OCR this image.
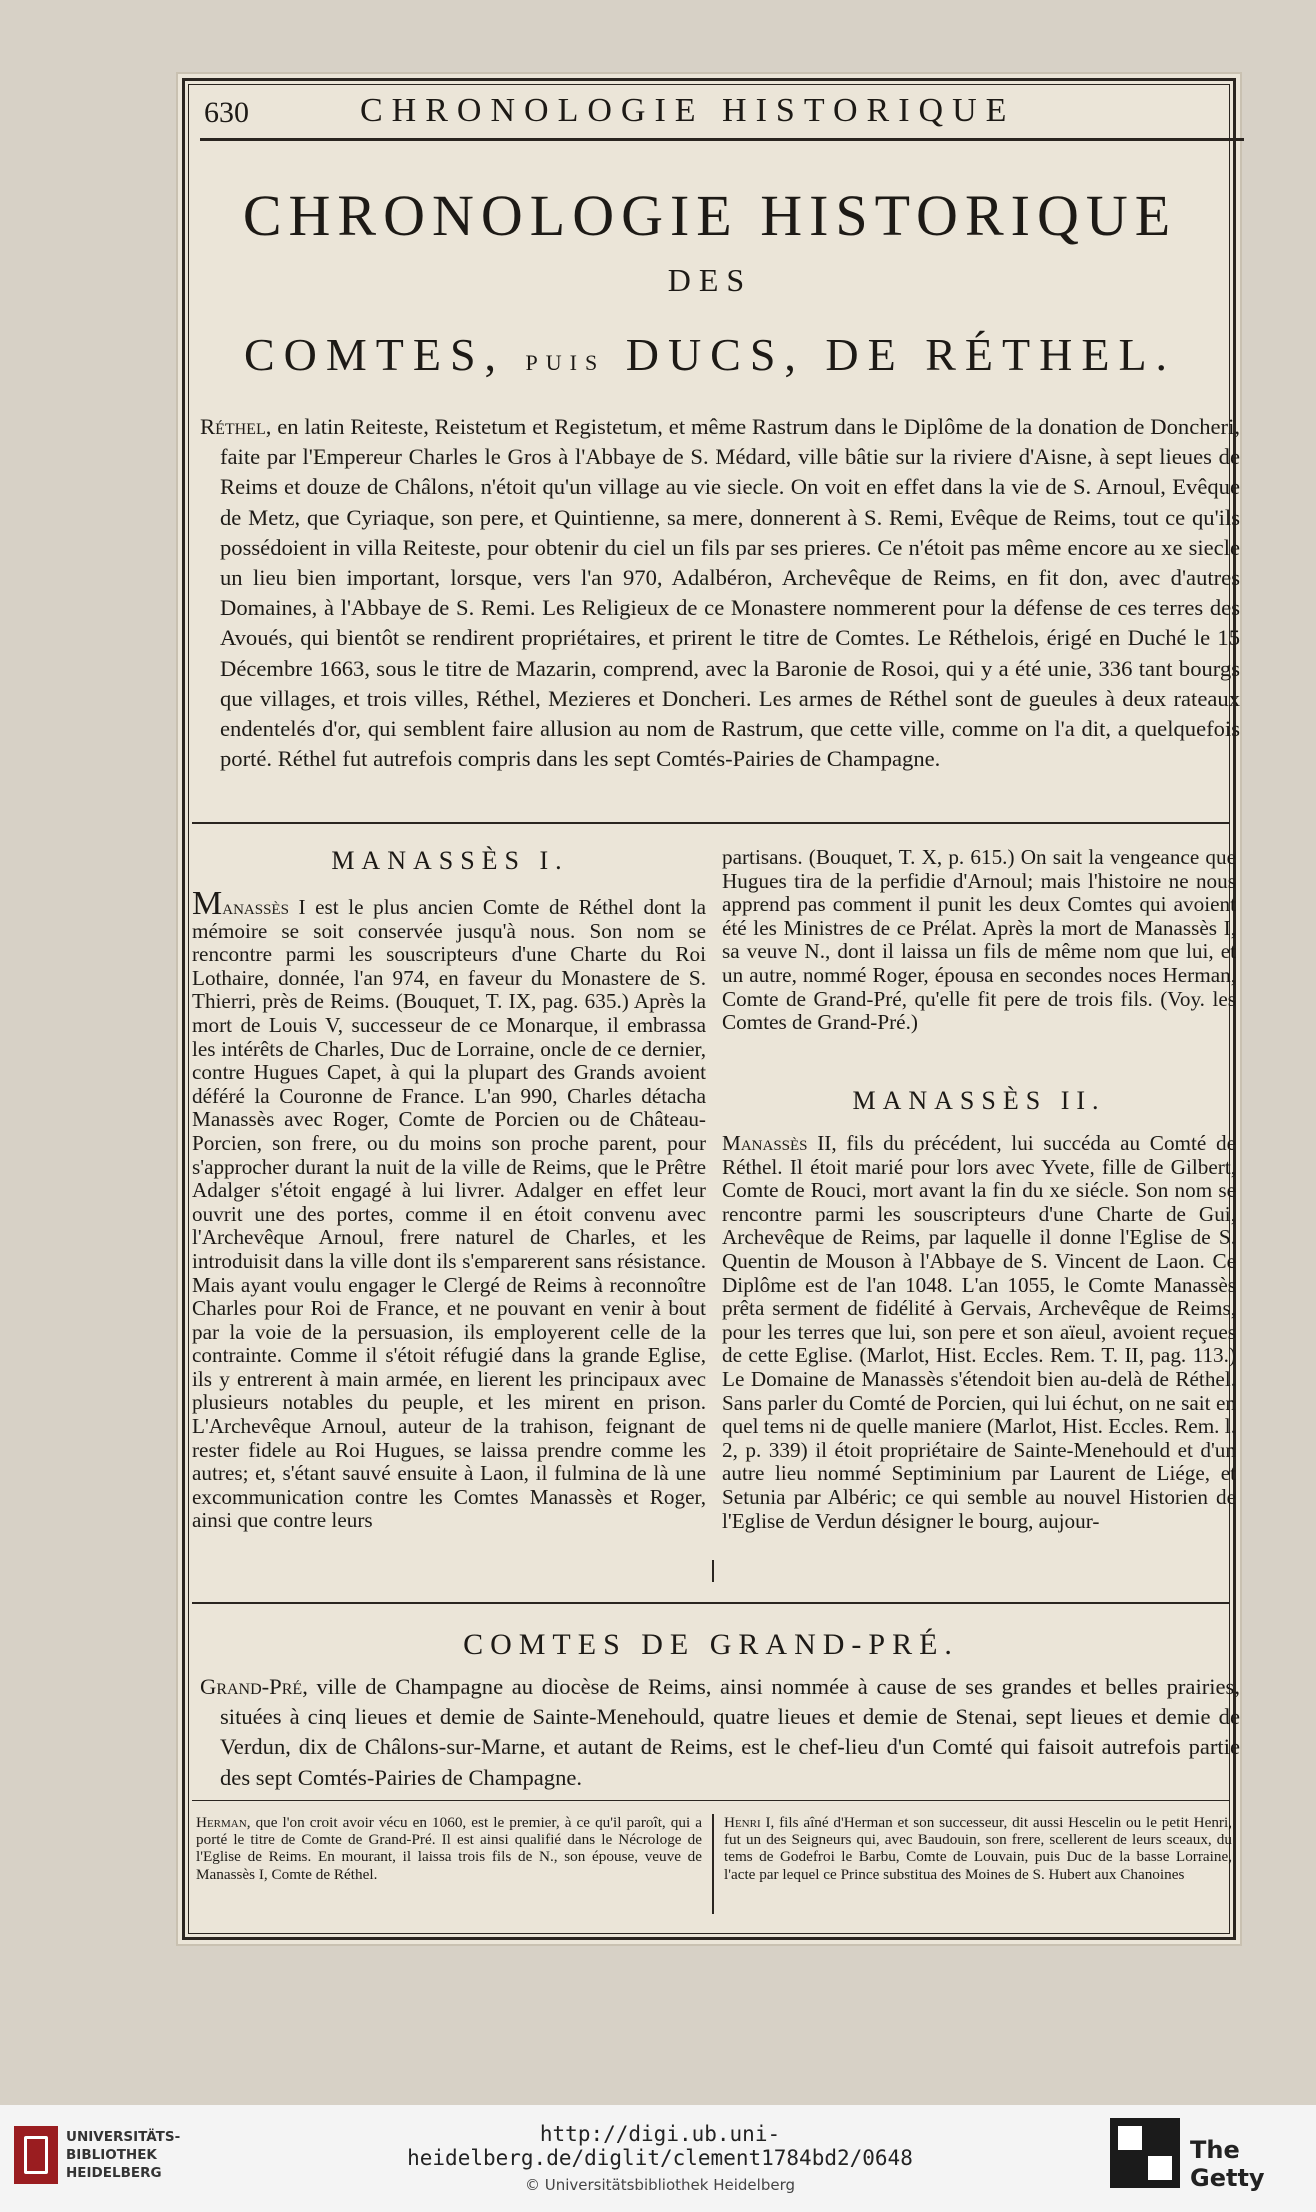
630	CHRONOLOGIE HISTORIQUE
CHRONOLOGIE HISTORIQUE
DES
COMTES, PUIS DUCS, DE RÉTHEL.
Réthel, en latin Reiteste, Reistetum et Registetum, et même Rastrum dans le Diplôme de la donation de Doncheri, faite par l'Empereur Charles le Gros à l'Abbaye de S. Médard, ville bâtie sur la riviere d'Aisne, à sept lieues de Reims et douze de Châlons, n'étoit qu'un village au vie siecle. On voit en effet dans la vie de S. Arnoul, Evêque de Metz, que Cyriaque, son pere, et Quintienne, sa mere, donnerent à S. Remi, Evêque de Reims, tout ce qu'ils possédoient in villa Reiteste, pour obtenir du ciel un fils par ses prieres. Ce n'étoit pas même encore au xe siecle un lieu bien important, lorsque, vers l'an 970, Adalbéron, Archevêque de Reims, en fit don, avec d'autres Domaines, à l'Abbaye de S. Remi. Les Religieux de ce Monastere nommerent pour la défense de ces terres des Avoués, qui bientôt se rendirent propriétaires, et prirent le titre de Comtes. Le Réthelois, érigé en Duché le 15 Décembre 1663, sous le titre de Mazarin, comprend, avec la Baronie de Rosoi, qui y a été unie, 336 tant bourgs que villages, et trois villes, Réthel, Mezieres et Doncheri. Les armes de Réthel sont de gueules à deux rateaux endentelés d'or, qui semblent faire allusion au nom de Rastrum, que cette ville, comme on l'a dit, a quelquefois porté. Réthel fut autrefois compris dans les sept Comtés-Pairies de Champagne.
MANASSÈS I.
Manassès I est le plus ancien Comte de Réthel dont la mémoire se soit conservée jusqu'à nous. Son nom se rencontre parmi les souscripteurs d'une Charte du Roi Lothaire, donnée, l'an 974, en faveur du Monastere de S. Thierri, près de Reims. (Bouquet, T. IX, pag. 635.) Après la mort de Louis V, successeur de ce Monarque, il embrassa les intérêts de Charles, Duc de Lorraine, oncle de ce dernier, contre Hugues Capet, à qui la plupart des Grands avoient déféré la Couronne de France. L'an 990, Charles détacha Manassès avec Roger, Comte de Porcien ou de Château-Porcien, son frere, ou du moins son proche parent, pour s'approcher durant la nuit de la ville de Reims, que le Prêtre Adalger s'étoit engagé à lui livrer. Adalger en effet leur ouvrit une des portes, comme il en étoit convenu avec l'Archevêque Arnoul, frere naturel de Charles, et les introduisit dans la ville dont ils s'emparerent sans résistance. Mais ayant voulu engager le Clergé de Reims à reconnoître Charles pour Roi de France, et ne pouvant en venir à bout par la voie de la persuasion, ils employerent celle de la contrainte. Comme il s'étoit réfugié dans la grande Eglise, ils y entrerent à main armée, en lierent les principaux avec plusieurs notables du peuple, et les mirent en prison. L'Archevêque Arnoul, auteur de la trahison, feignant de rester fidele au Roi Hugues, se laissa prendre comme les autres; et, s'étant sauvé ensuite à Laon, il fulmina de là une excommunication contre les Comtes Manassès et Roger, ainsi que contre leurs
partisans. (Bouquet, T. X, p. 615.) On sait la vengeance que Hugues tira de la perfidie d'Arnoul; mais l'histoire ne nous apprend pas comment il punit les deux Comtes qui avoient été les Ministres de ce Prélat. Après la mort de Manassès I, sa veuve N., dont il laissa un fils de même nom que lui, et un autre, nommé Roger, épousa en secondes noces Herman, Comte de Grand-Pré, qu'elle fit pere de trois fils. (Voy. les Comtes de Grand-Pré.)
MANASSÈS II.
Manassès II, fils du précédent, lui succéda au Comté de Réthel. Il étoit marié pour lors avec Yvete, fille de Gilbert, Comte de Rouci, mort avant la fin du xe siécle. Son nom se rencontre parmi les souscripteurs d'une Charte de Gui, Archevêque de Reims, par laquelle il donne l'Eglise de S. Quentin de Mouson à l'Abbaye de S. Vincent de Laon. Ce Diplôme est de l'an 1048. L'an 1055, le Comte Manassès prêta serment de fidélité à Gervais, Archevêque de Reims, pour les terres que lui, son pere et son aïeul, avoient reçues de cette Eglise. (Marlot, Hist. Eccles. Rem. T. II, pag. 113.) Le Domaine de Manassès s'étendoit bien au-delà de Réthel. Sans parler du Comté de Porcien, qui lui échut, on ne sait en quel tems ni de quelle maniere (Marlot, Hist. Eccles. Rem. l. 2, p. 339) il étoit propriétaire de Sainte-Menehould et d'un autre lieu nommé Septiminium par Laurent de Liége, et Setunia par Albéric; ce qui semble au nouvel Historien de l'Eglise de Verdun désigner le bourg, aujour-
COMTES DE GRAND-PRÉ.
Grand-Pré, ville de Champagne au diocèse de Reims, ainsi nommée à cause de ses grandes et belles prairies, situées à cinq lieues et demie de Sainte-Menehould, quatre lieues et demie de Stenai, sept lieues et demie de Verdun, dix de Châlons-sur-Marne, et autant de Reims, est le chef-lieu d'un Comté qui faisoit autrefois partie des sept Comtés-Pairies de Champagne.
Herman, que l'on croit avoir vécu en 1060, est le premier, à ce qu'il paroît, qui a porté le titre de Comte de Grand-Pré. Il est ainsi qualifié dans le Nécrologe de l'Eglise de Reims. En mourant, il laissa trois fils de N., son épouse, veuve de Manassès I, Comte de Réthel.
Henri I, fils aîné d'Herman et son successeur, dit aussi Hescelin ou le petit Henri, fut un des Seigneurs qui, avec Baudouin, son frere, scellerent de leurs sceaux, du tems de Godefroi le Barbu, Comte de Louvain, puis Duc de la basse Lorraine, l'acte par lequel ce Prince substitua des Moines de S. Hubert aux Chanoines
UNIVERSITÄTS-
BIBLIOTHEK
HEIDELBERG
http://digi.ub.uni-heidelberg.de/diglit/clement1784bd2/0648
© Universitätsbibliothek Heidelberg
The Getty
